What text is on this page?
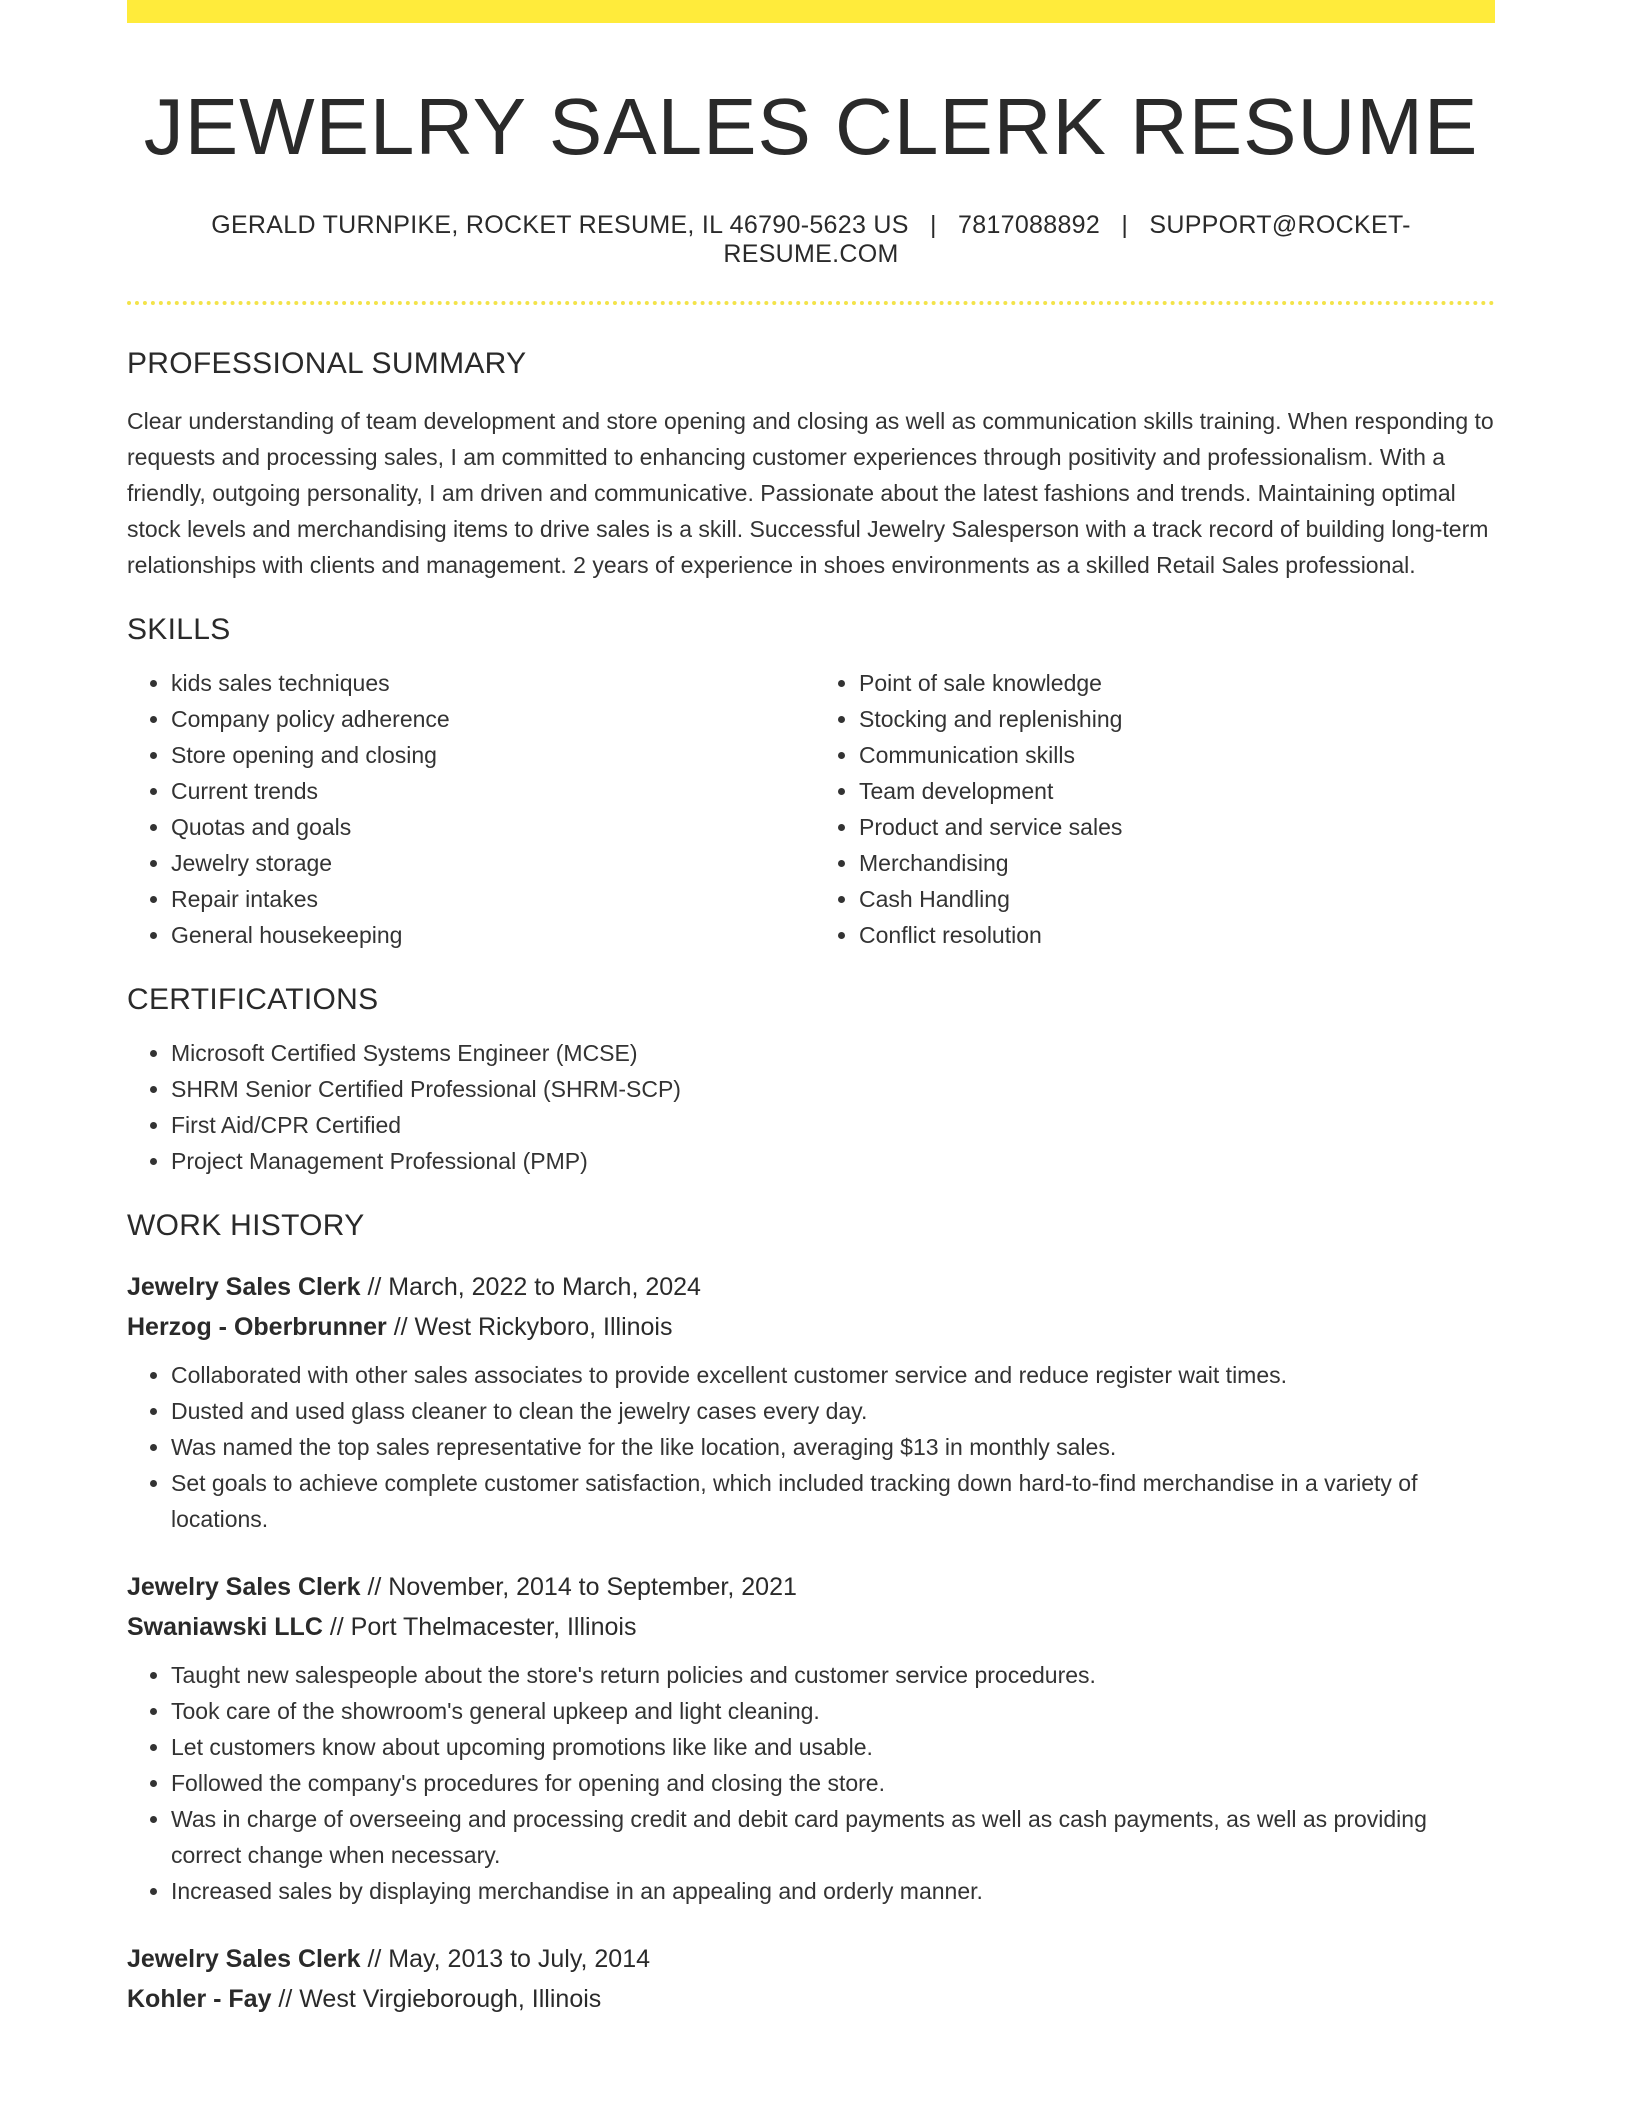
JEWELRY SALES CLERK RESUME
GERALD TURNPIKE, ROCKET RESUME, IL 46790-5623 US | 7817088892 | SUPPORT@ROCKET-RESUME.COM
PROFESSIONAL SUMMARY

Clear understanding of team development and store opening and closing as well as communication skills training. When responding to requests and processing sales, I am committed to enhancing customer experiences through positivity and professionalism. With a friendly, outgoing personality, I am driven and communicative. Passionate about the latest fashions and trends. Maintaining optimal stock levels and merchandising items to drive sales is a skill. Successful Jewelry Salesperson with a track record of building long-term relationships with clients and management. 2 years of experience in shoes environments as a skilled Retail Sales professional.

SKILLS
• kids sales techniques
• Company policy adherence
• Store opening and closing
• Current trends
• Quotas and goals
• Jewelry storage
• Repair intakes
• General housekeeping
• Point of sale knowledge
• Stocking and replenishing
• Communication skills
• Team development
• Product and service sales
• Merchandising
• Cash Handling
• Conflict resolution
CERTIFICATIONS
• Microsoft Certified Systems Engineer (MCSE)
• SHRM Senior Certified Professional (SHRM-SCP)
• First Aid/CPR Certified
• Project Management Professional (PMP)
WORK HISTORY
Jewelry Sales Clerk // March, 2022 to March, 2024
Herzog - Oberbrunner // West Rickyboro, Illinois
• Collaborated with other sales associates to provide excellent customer service and reduce register wait times.
• Dusted and used glass cleaner to clean the jewelry cases every day.
• Was named the top sales representative for the like location, averaging $13 in monthly sales.
• Set goals to achieve complete customer satisfaction, which included tracking down hard-to-find merchandise in a variety of locations.
Jewelry Sales Clerk // November, 2014 to September, 2021
Swaniawski LLC // Port Thelmacester, Illinois
• Taught new salespeople about the store's return policies and customer service procedures.
• Took care of the showroom's general upkeep and light cleaning.
• Let customers know about upcoming promotions like like and usable.
• Followed the company's procedures for opening and closing the store.
• Was in charge of overseeing and processing credit and debit card payments as well as cash payments, as well as providing correct change when necessary.
• Increased sales by displaying merchandise in an appealing and orderly manner.
Jewelry Sales Clerk // May, 2013 to July, 2014
Kohler - Fay // West Virgieborough, Illinois
